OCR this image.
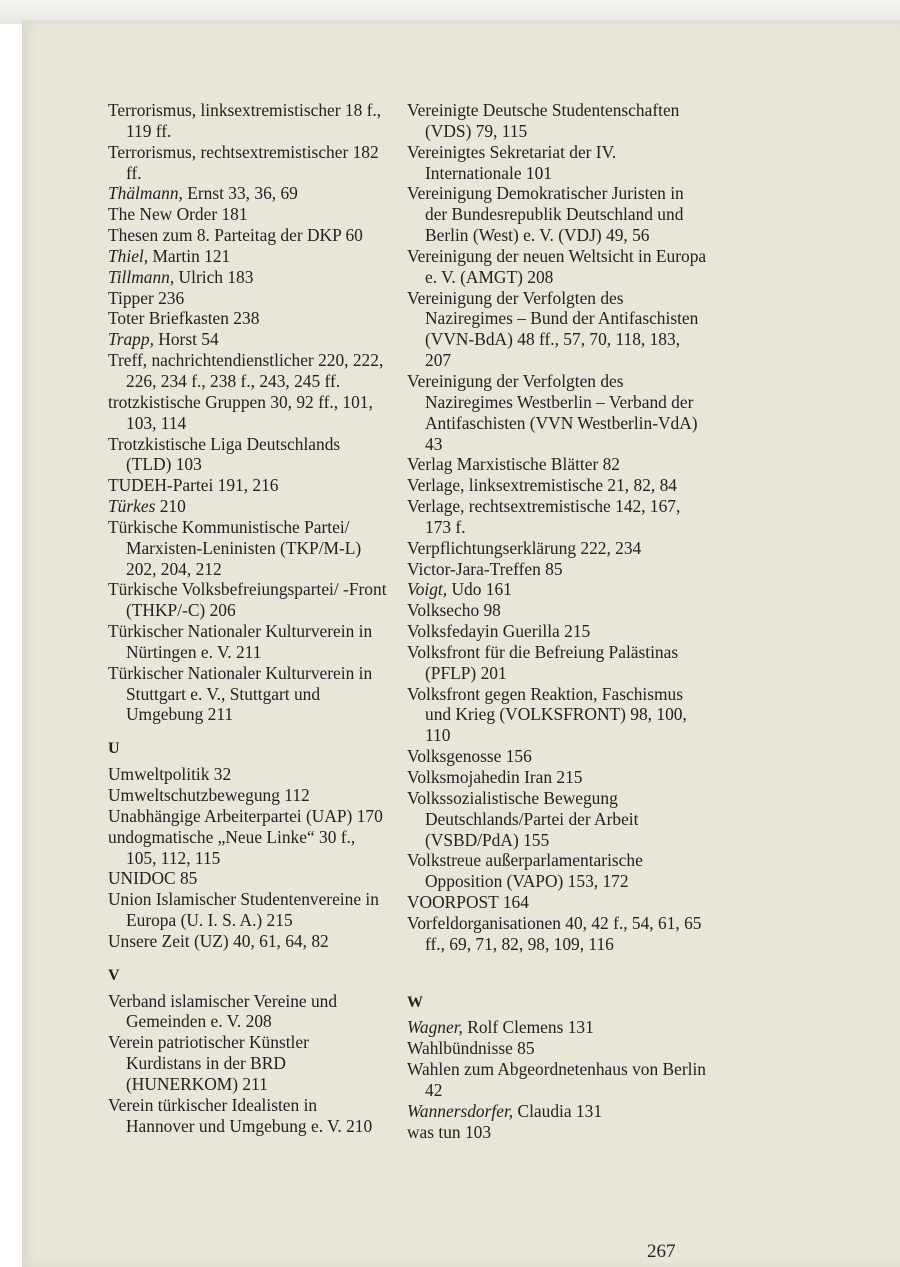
Terrorismus, linksextremistischer 18 f., 119 ff.
Terrorismus, rechtsextremistischer 182 ff.
Thälmann, Ernst 33, 36, 69
The New Order 181
Thesen zum 8. Parteitag der DKP 60
Thiel, Martin 121
Tillmann, Ulrich 183
Tipper 236
Toter Briefkasten 238
Trapp, Horst 54
Treff, nachrichtendienstlicher 220, 222, 226, 234 f., 238 f., 243, 245 ff.
trotzkistische Gruppen 30, 92 ff., 101, 103, 114
Trotzkistische Liga Deutschlands (TLD) 103
TUDEH-Partei 191, 216
Türkes 210
Türkische Kommunistische Partei/ Marxisten-Leninisten (TKP/M-L) 202, 204, 212
Türkische Volksbefreiungspartei/ -Front (THKP/-C) 206
Türkischer Nationaler Kulturverein in Nürtingen e. V. 211
Türkischer Nationaler Kulturverein in Stuttgart e. V., Stuttgart und Umgebung 211
U
Umweltpolitik 32
Umweltschutzbewegung 112
Unabhängige Arbeiterpartei (UAP) 170
undogmatische „Neue Linke“ 30 f., 105, 112, 115
UNIDOC 85
Union Islamischer Studentenvereine in Europa (U. I. S. A.) 215
Unsere Zeit (UZ) 40, 61, 64, 82
V
Verband islamischer Vereine und Gemeinden e. V. 208
Verein patriotischer Künstler Kurdistans in der BRD (HUNERKOM) 211
Verein türkischer Idealisten in Hannover und Umgebung e. V. 210
Vereinigte Deutsche Studentenschaften (VDS) 79, 115
Vereinigtes Sekretariat der IV. Internationale 101
Vereinigung Demokratischer Juristen in der Bundesrepublik Deutschland und Berlin (West) e. V. (VDJ) 49, 56
Vereinigung der neuen Weltsicht in Europa e. V. (AMGT) 208
Vereinigung der Verfolgten des Naziregimes – Bund der Antifaschisten (VVN-BdA) 48 ff., 57, 70, 118, 183, 207
Vereinigung der Verfolgten des Naziregimes Westberlin – Verband der Antifaschisten (VVN Westberlin-VdA) 43
Verlag Marxistische Blätter 82
Verlage, linksextremistische 21, 82, 84
Verlage, rechtsextremistische 142, 167, 173 f.
Verpflichtungserklärung 222, 234
Victor-Jara-Treffen 85
Voigt, Udo 161
Volksecho 98
Volksfedayin Guerilla 215
Volksfront für die Befreiung Palästinas (PFLP) 201
Volksfront gegen Reaktion, Faschismus und Krieg (VOLKSFRONT) 98, 100, 110
Volksgenosse 156
Volksmojahedin Iran 215
Volkssozialistische Bewegung Deutschlands/Partei der Arbeit (VSBD/PdA) 155
Volkstreue außerparlamentarische Opposition (VAPO) 153, 172
VOORPOST 164
Vorfeldorganisationen 40, 42 f., 54, 61, 65 ff., 69, 71, 82, 98, 109, 116
W
Wagner, Rolf Clemens 131
Wahlbündnisse 85
Wahlen zum Abgeordnetenhaus von Berlin 42
Wannersdorfer, Claudia 131
was tun 103
267
